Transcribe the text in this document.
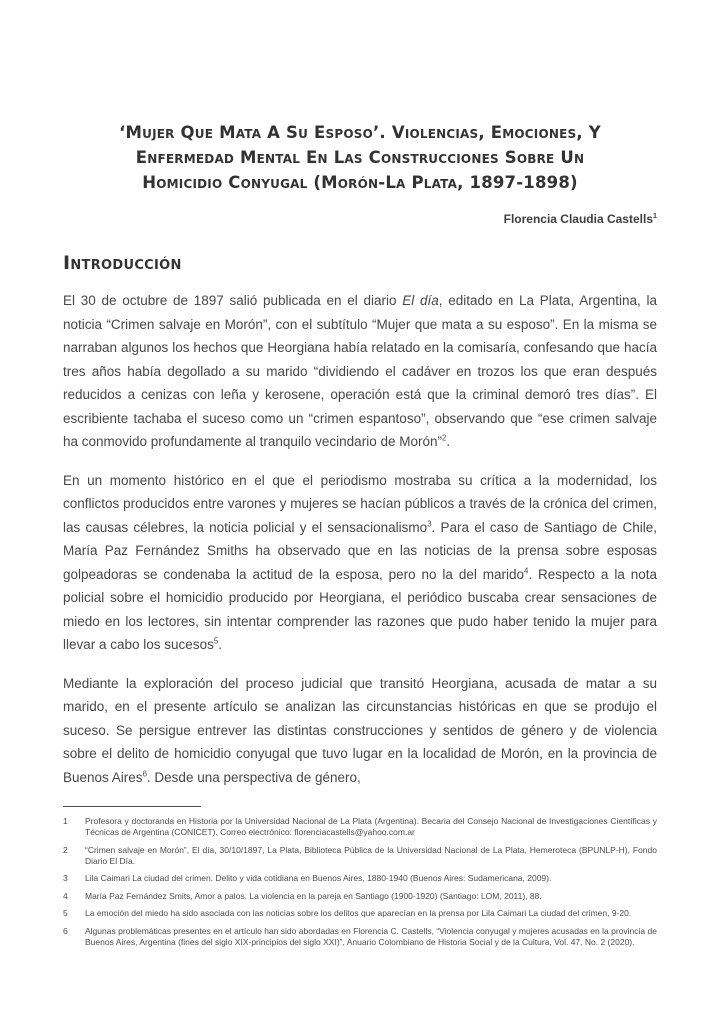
‘Mujer Que Mata A Su Esposo’. Violencias, Emociones, Y
Enfermedad Mental En Las Construcciones Sobre Un
Homicidio Conyugal (Morón-La Plata, 1897-1898)

Florencia Claudia Castells$^1$

Introducción

El 30 de octubre de 1897 salió publicada en el diario El día, editado en La Plata, Argentina, la noticia “Crimen salvaje en Morón”, con el subtítulo “Mujer que mata a su esposo”. En la misma se narraban algunos los hechos que Heorgiana había relatado en la comisaría, confesando que hacía tres años había degollado a su marido “dividiendo el cadáver en trozos los que eran después reducidos a cenizas con leña y kerosene, operación está que la criminal demoró tres días”. El escribiente tachaba el suceso como un “crimen espantoso”, observando que “ese crimen salvaje ha conmovido profundamente al tranquilo vecindario de Morón”$^2$.

En un momento histórico en el que el periodismo mostraba su crítica a la modernidad, los conflictos producidos entre varones y mujeres se hacían públicos a través de la crónica del crimen, las causas célebres, la noticia policial y el sensacionalismo$^3$. Para el caso de Santiago de Chile, María Paz Fernández Smiths ha observado que en las noticias de la prensa sobre esposas golpeadoras se condenaba la actitud de la esposa, pero no la del marido$^4$. Respecto a la nota policial sobre el homicidio producido por Heorgiana, el periódico buscaba crear sensaciones de miedo en los lectores, sin intentar comprender las razones que pudo haber tenido la mujer para llevar a cabo los sucesos$^5$.

Mediante la exploración del proceso judicial que transitó Heorgiana, acusada de matar a su marido, en el presente artículo se analizan las circunstancias históricas en que se produjo el suceso. Se persigue entrever las distintas construcciones y sentidos de género y de violencia sobre el delito de homicidio conyugal que tuvo lugar en la localidad de Morón, en la provincia de Buenos Aires$^6$. Desde una perspectiva de género,

1	Profesora y doctoranda en Historia por la Universidad Nacional de La Plata (Argentina). Becaria del Consejo Nacional de Investigaciones Científicas y Técnicas de Argentina (CONICET). Correo electrónico: florenciacastells@yahoo.com.ar
2	“Crimen salvaje en Morón”, El día, 30/10/1897, La Plata, Biblioteca Pública de la Universidad Nacional de La Plata, Hemeroteca (BPUNLP-H), Fondo Diario El Día.
3	Lila Caimari La ciudad del crimen. Delito y vida cotidiana en Buenos Aires, 1880-1940 (Buenos Aires: Sudamericana, 2009).
4	María Paz Fernández Smits, Amor a palos. La violencia en la pareja en Santiago (1900-1920) (Santiago: LOM, 2011), 88.
5	La emoción del miedo ha sido asociada con las noticias sobre los delitos que aparecían en la prensa por Lila Caimari La ciudad del crimen, 9-20.
6	Algunas problemáticas presentes en el artículo han sido abordadas en Florencia C. Castells, “Violencia conyugal y mujeres acusadas en la provincia de Buenos Aires, Argentina (fines del siglo XIX-principios del siglo XXI)”, Anuario Colombiano de Historia Social y de la Cultura, Vol. 47, No. 2 (2020).
